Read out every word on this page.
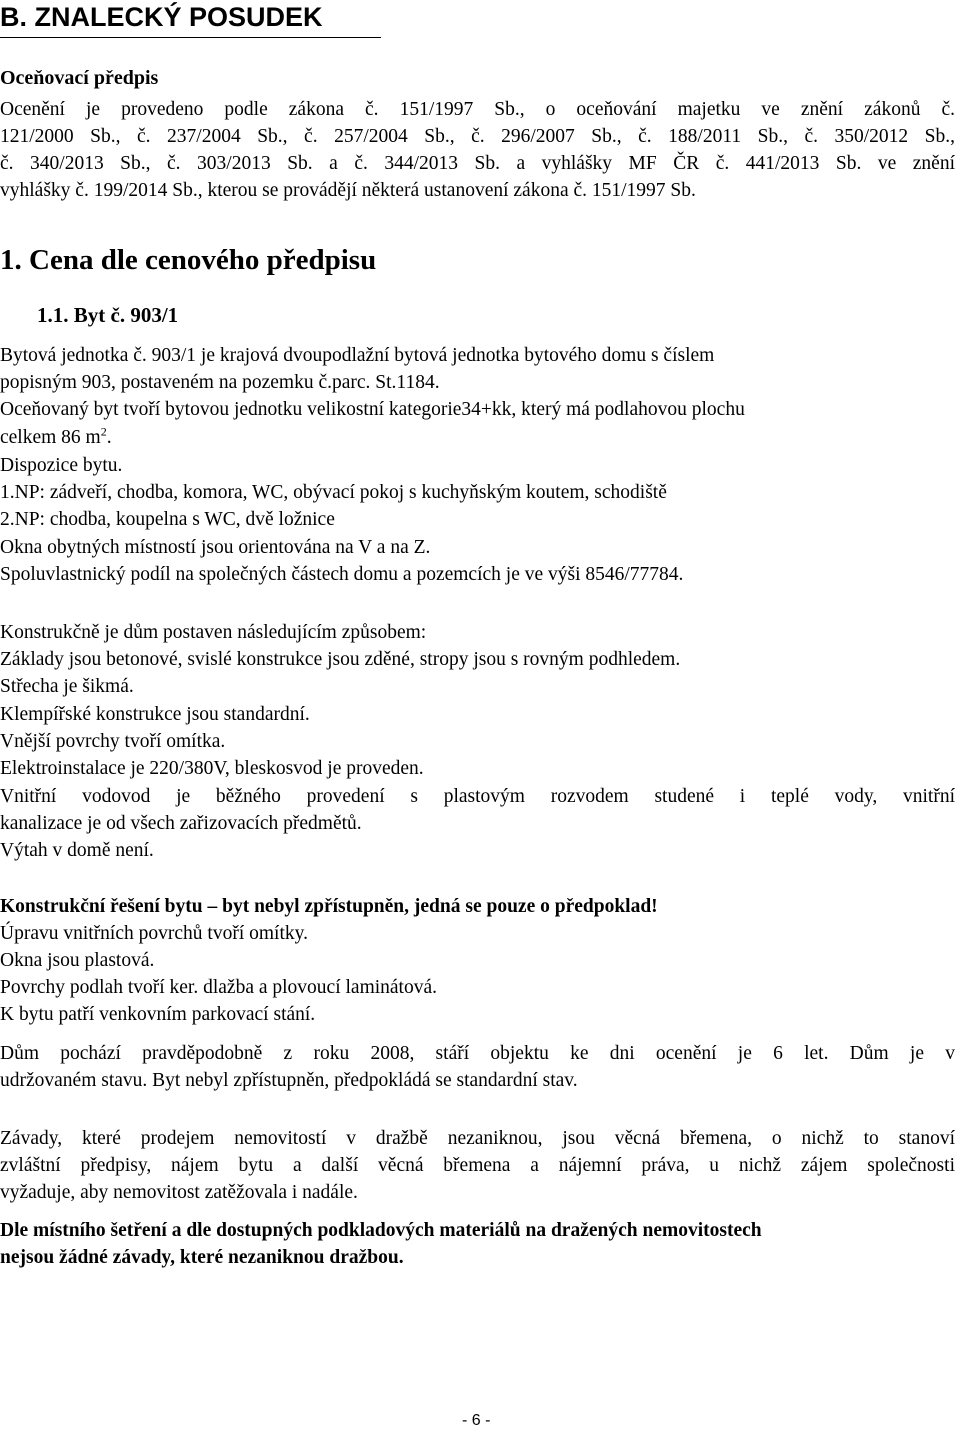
B. ZNALECKÝ POSUDEK

Oceňovací předpis

Ocenění je provedeno podle zákona č. 151/1997 Sb., o oceňování majetku ve znění zákonů č.

121/2000 Sb., č. 237/2004 Sb., č. 257/2004 Sb., č. 296/2007 Sb., č. 188/2011 Sb., č. 350/2012 Sb.,

č. 340/2013 Sb., č. 303/2013 Sb. a č. 344/2013 Sb. a vyhlášky MF ČR č. 441/2013 Sb. ve znění

vyhlášky č. 199/2014 Sb., kterou se provádějí některá ustanovení zákona č. 151/1997 Sb.

1. Cena dle cenového předpisu
1.1. Byt č. 903/1

Bytová jednotka č. 903/1 je krajová dvoupodlažní bytová jednotka bytového domu s číslem

popisným 903, postaveném na pozemku č.parc. St.1184.

Oceňovaný byt tvoří bytovou jednotku velikostní kategorie34+kk, který má podlahovou plochu

celkem 86 $m^2$.

Dispozice bytu.

1.NP: zádveří, chodba, komora, WC, obývací pokoj s kuchyňským koutem, schodiště

2.NP: chodba, koupelna s WC, dvě ložnice

Okna obytných místností jsou orientována na V a na Z.

Spoluvlastnický podíl na společných částech domu a pozemcích je ve výši 8546/77784.

Konstrukčně je dům postaven následujícím způsobem:

Základy jsou betonové, svislé konstrukce jsou zděné, stropy jsou s rovným podhledem.

Střecha je šikmá.

Klempířské konstrukce jsou standardní.

Vnější povrchy tvoří omítka.

Elektroinstalace je 220/380V, bleskosvod je proveden.

Vnitřní vodovod je běžného provedení s plastovým rozvodem studené i teplé vody, vnitřní

kanalizace je od všech zařizovacích předmětů.

Výtah v domě není.

Konstrukční řešení bytu – byt nebyl zpřístupněn, jedná se pouze o předpoklad!

Úpravu vnitřních povrchů tvoří omítky.

Okna jsou plastová.

Povrchy podlah tvoří ker. dlažba a plovoucí laminátová.

K bytu patří venkovním parkovací stání.

Dům pochází pravděpodobně z roku 2008, stáří objektu ke dni ocenění je 6 let. Dům je v

udržovaném stavu. Byt nebyl zpřístupněn, předpokládá se standardní stav.

Závady, které prodejem nemovitostí v dražbě nezaniknou, jsou věcná břemena, o nichž to stanoví

zvláštní předpisy, nájem bytu a další věcná břemena a nájemní práva, u nichž zájem společnosti

vyžaduje, aby nemovitost zatěžovala i nadále.

Dle místního šetření a dle dostupných podkladových materiálů na dražených nemovitostech

nejsou žádné závady, které nezaniknou dražbou.

- 6 -
